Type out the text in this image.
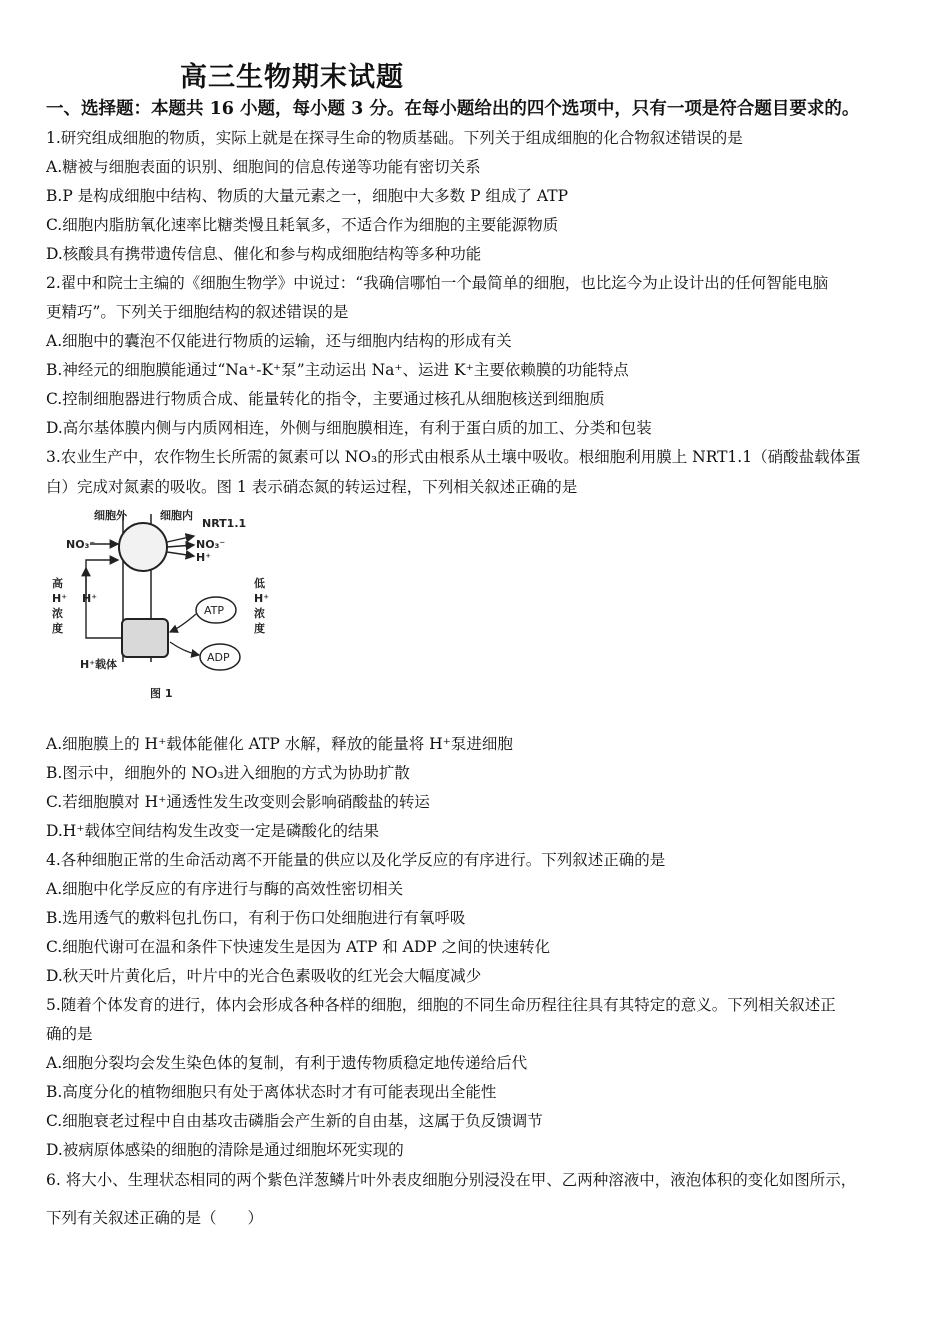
高三生物期末试题
一、选择题：本题共 16 小题，每小题 3 分。在每小题给出的四个选项中，只有一项是符合题目要求的。
1.研究组成细胞的物质，实际上就是在探寻生命的物质基础。下列关于组成细胞的化合物叙述错误的是
A.糖被与细胞表面的识别、细胞间的信息传递等功能有密切关系
B.P 是构成细胞中结构、物质的大量元素之一，细胞中大多数 P 组成了 ATP
C.细胞内脂肪氧化速率比糖类慢且耗氧多，不适合作为细胞的主要能源物质
D.核酸具有携带遗传信息、催化和参与构成细胞结构等多种功能
2.翟中和院士主编的《细胞生物学》中说过：“我确信哪怕一个最简单的细胞，也比迄今为止设计出的任何智能电脑
更精巧”。下列关于细胞结构的叙述错误的是
A.细胞中的囊泡不仅能进行物质的运输，还与细胞内结构的形成有关
B.神经元的细胞膜能通过“Na⁺-K⁺泵”主动运出 Na⁺、运进 K⁺主要依赖膜的功能特点
C.控制细胞器进行物质合成、能量转化的指令，主要通过核孔从细胞核送到细胞质
D.高尔基体膜内侧与内质网相连，外侧与细胞膜相连，有利于蛋白质的加工、分类和包装
3.农业生产中，农作物生长所需的氮素可以 NO₃的形式由根系从土壤中吸收。根细胞利用膜上 NRT1.1（硝酸盐载体蛋
白）完成对氮素的吸收。图 1 表示硝态氮的转运过程，下列相关叙述正确的是
细胞外	细胞内
NRT1.1
NO₃⁻	NO₃⁻
H⁺
H⁺
高
H⁺
浓
度
低
H⁺
浓
度
H⁺载体
图 1
ATP
ADP
A.细胞膜上的 H⁺载体能催化 ATP 水解，释放的能量将 H⁺泵进细胞
B.图示中，细胞外的 NO₃进入细胞的方式为协助扩散
C.若细胞膜对 H⁺通透性发生改变则会影响硝酸盐的转运
D.H⁺载体空间结构发生改变一定是磷酸化的结果
4.各种细胞正常的生命活动离不开能量的供应以及化学反应的有序进行。下列叙述正确的是
A.细胞中化学反应的有序进行与酶的高效性密切相关
B.选用透气的敷料包扎伤口，有利于伤口处细胞进行有氧呼吸
C.细胞代谢可在温和条件下快速发生是因为 ATP 和 ADP 之间的快速转化
D.秋天叶片黄化后，叶片中的光合色素吸收的红光会大幅度减少
5.随着个体发育的进行，体内会形成各种各样的细胞，细胞的不同生命历程往往具有其特定的意义。下列相关叙述正
确的是
A.细胞分裂均会发生染色体的复制，有利于遗传物质稳定地传递给后代
B.高度分化的植物细胞只有处于离体状态时才有可能表现出全能性
C.细胞衰老过程中自由基攻击磷脂会产生新的自由基，这属于负反馈调节
D.被病原体感染的细胞的清除是通过细胞坏死实现的
6. 将大小、生理状态相同的两个紫色洋葱鳞片叶外表皮细胞分别浸没在甲、乙两种溶液中，液泡体积的变化如图所示，
下列有关叙述正确的是（　　）
